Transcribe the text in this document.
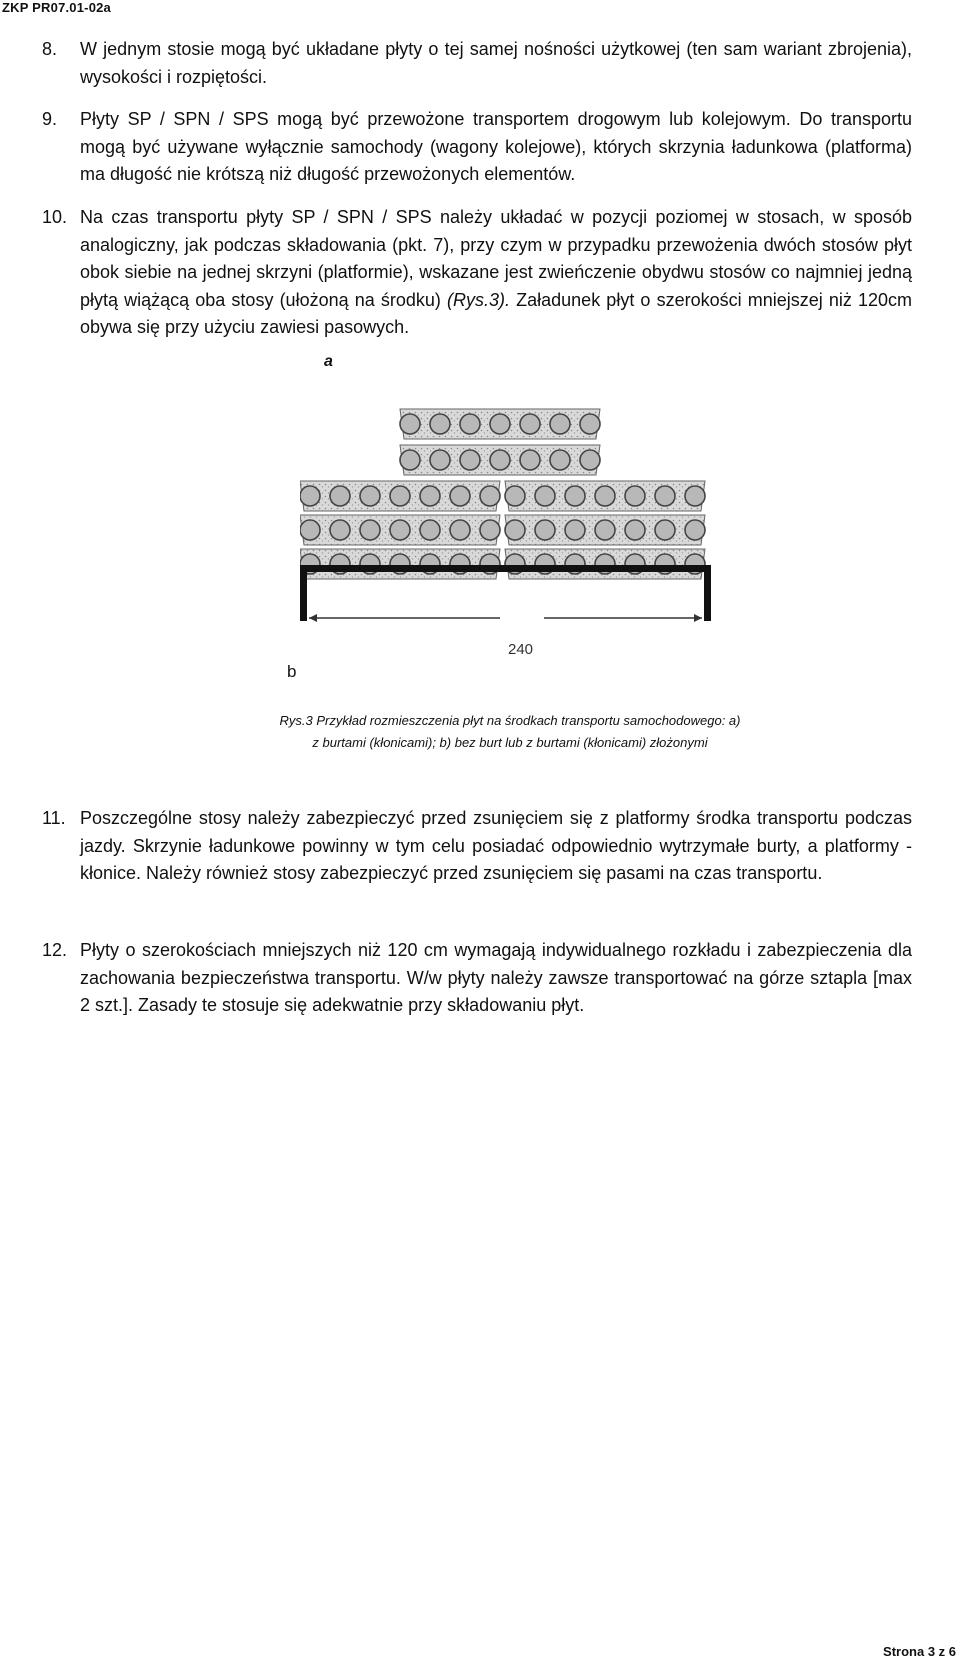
ZKP PR07.01-02a
8. W jednym stosie mogą być układane płyty o tej samej nośności użytkowej (ten sam wariant zbrojenia), wysokości i rozpiętości.
9. Płyty SP / SPN / SPS mogą być przewożone transportem drogowym lub kolejowym. Do transportu mogą być używane wyłącznie samochody (wagony kolejowe), których skrzynia ładunkowa (platforma) ma długość nie krótszą niż długość przewożonych elementów.
10. Na czas transportu płyty SP / SPN / SPS należy układać w pozycji poziomej w stosach, w sposób analogiczny, jak podczas składowania (pkt. 7), przy czym w przypadku przewożenia dwóch stosów płyt obok siebie na jednej skrzyni (platformie), wskazane jest zwieńczenie obydwu stosów co najmniej jedną płytą wiążącą oba stosy (ułożoną na środku) (Rys.3). Załadunek płyt o szerokości mniejszej niż 120cm obywa się przy użyciu zawiesi pasowych.
a
240
b
Rys.3 Przykład rozmieszczenia płyt na środkach transportu samochodowego: a)
z burtami (kłonicami); b) bez burt lub z burtami (kłonicami) złożonymi
11. Poszczególne stosy należy zabezpieczyć przed zsunięciem się z platformy środka transportu podczas jazdy. Skrzynie ładunkowe powinny w tym celu posiadać odpowiednio wytrzymałe burty, a platformy - kłonice. Należy również stosy zabezpieczyć przed zsunięciem się pasami na czas transportu.
12. Płyty o szerokościach mniejszych niż 120 cm wymagają indywidualnego rozkładu i zabezpieczenia dla zachowania bezpieczeństwa transportu. W/w płyty należy zawsze transportować na górze sztapla [max 2 szt.]. Zasady te stosuje się adekwatnie przy składowaniu płyt.
Strona 3 z 6
